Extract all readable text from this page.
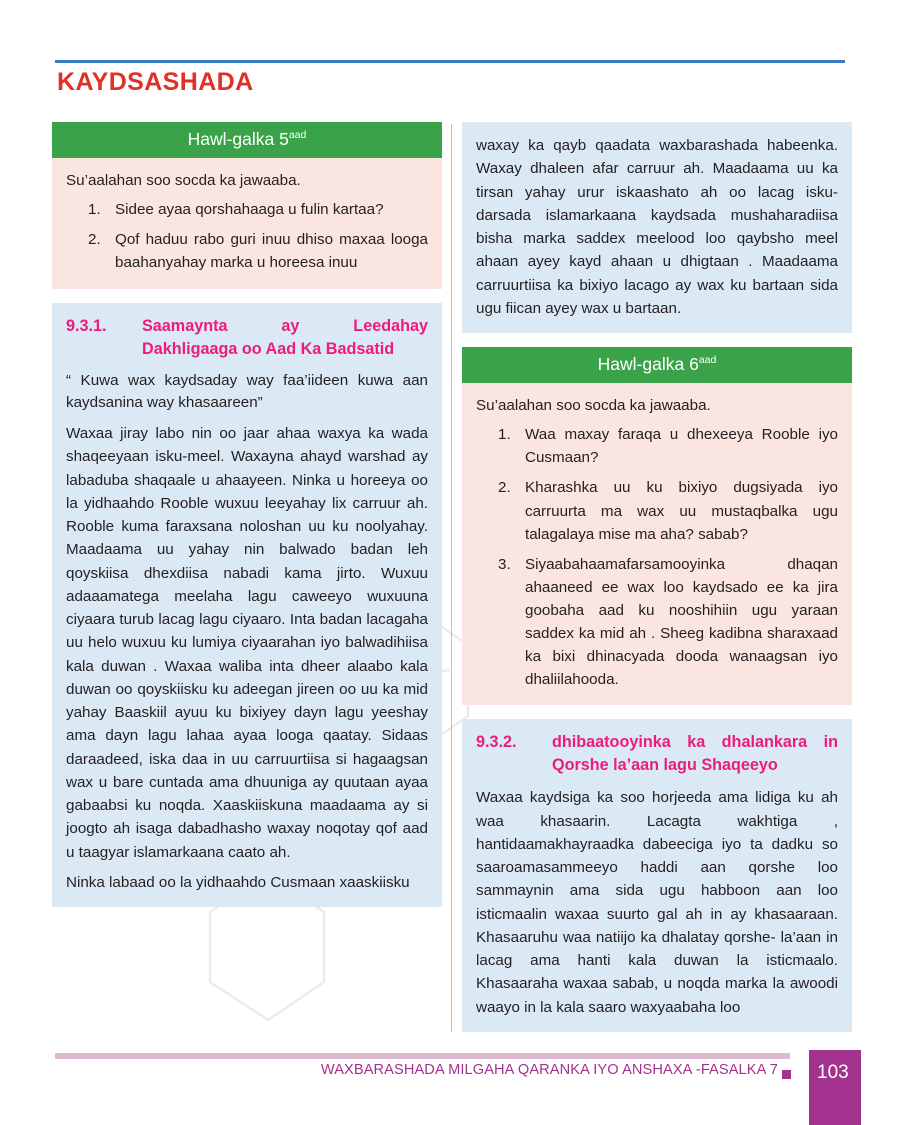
KAYDSASHADA
Hawl-galka $5^{aad}$

Su’aalahan soo socda ka jawaaba.

Sidee ayaa qorshahaaga u fulin kartaa?
Qof haduu rabo guri inuu dhiso maxaa looga baahanyahay marka u horeesa inuu
9.3.1. Saamaynta ay Leedahay Dakhligaaga oo Aad Ka Badsatid

“ Kuwa wax kaydsaday way faa’iideen kuwa aan kaydsanina way khasaareen”

Waxaa jiray labo nin oo jaar ahaa waxya ka wada shaqeeyaan isku-meel. Waxayna ahayd warshad ay labaduba shaqaale u ahaayeen. Ninka u horeeya oo la yidhaahdo Rooble wuxuu leeyahay lix carruur ah. Rooble kuma faraxsana noloshan uu ku noolyahay. Maadaama uu yahay nin balwado badan leh qoyskiisa dhexdiisa nabadi kama jirto. Wuxuu adaaamatega meelaha lagu caweeyo wuxuuna ciyaara turub lacag lagu ciyaaro. Inta badan lacagaha uu helo wuxuu ku lumiya ciyaarahan iyo balwadihiisa kala duwan . Waxaa waliba inta dheer alaabo kala duwan oo qoyskiisku ku adeegan jireen oo uu ka mid yahay Baaskiil ayuu ku bixiyey dayn lagu yeeshay ama dayn lagu lahaa ayaa looga qaatay. Sidaas daraadeed, iska daa in uu carruurtiisa si hagaagsan wax u bare cuntada ama dhuuniga ay quutaan ayaa gabaabsi ku noqda. Xaaskiiskuna maadaama ay si joogto ah isaga dabadhasho waxay noqotay qof aad u taagyar islamarkaana caato ah.

Ninka labaad oo la yidhaahdo Cusmaan xaaskiisku

waxay ka qayb qaadata waxbarashada habeenka. Waxay dhaleen afar carruur ah. Maadaama uu ka tirsan yahay urur iskaashato ah oo lacag isku-darsada islamarkaana kaydsada mushaharadiisa bisha marka saddex meelood loo qaybsho meel ahaan ayey kayd ahaan u dhigtaan . Maadaama carruurtiisa ka bixiyo lacago ay wax ku bartaan sida ugu fiican ayey wax u bartaan.

Hawl-galka $6^{aad}$

Su’aalahan soo socda ka jawaaba.

Waa maxay faraqa u dhexeeya Rooble iyo Cusmaan?
Kharashka uu ku bixiyo dugsiyada iyo carruurta ma wax uu mustaqbalka ugu talagalaya mise ma aha? sabab?
Siyaabahaamafarsamooyinka dhaqan ahaaneed ee wax loo kaydsado ee ka jira goobaha aad ku nooshihiin ugu yaraan saddex ka mid ah . Sheeg kadibna sharaxaad ka bixi dhinacyada dooda wanaagsan iyo dhaliilahooda.
9.3.2. dhibaatooyinka ka dhalankara in Qorshe la’aan lagu Shaqeeyo

Waxaa kaydsiga ka soo horjeeda ama lidiga ku ah waa khasaarin. Lacagta wakhtiga , hantidaamakhayraadka dabeeciga iyo ta dadku so saaroamasammeeyo haddi aan qorshe loo sammaynin ama sida ugu habboon aan loo isticmaalin waxaa suurto gal ah in ay khasaaraan. Khasaaruhu waa natiijo ka dhalatay qorshe- la’aan in lacag ama hanti kala duwan la isticmaalo. Khasaaraha waxaa sabab, u noqda marka la awoodi waayo in la kala saaro waxyaabaha loo

WAXBARASHADA MILGAHA QARANKA IYO ANSHAXA -FASALKA 7 103
